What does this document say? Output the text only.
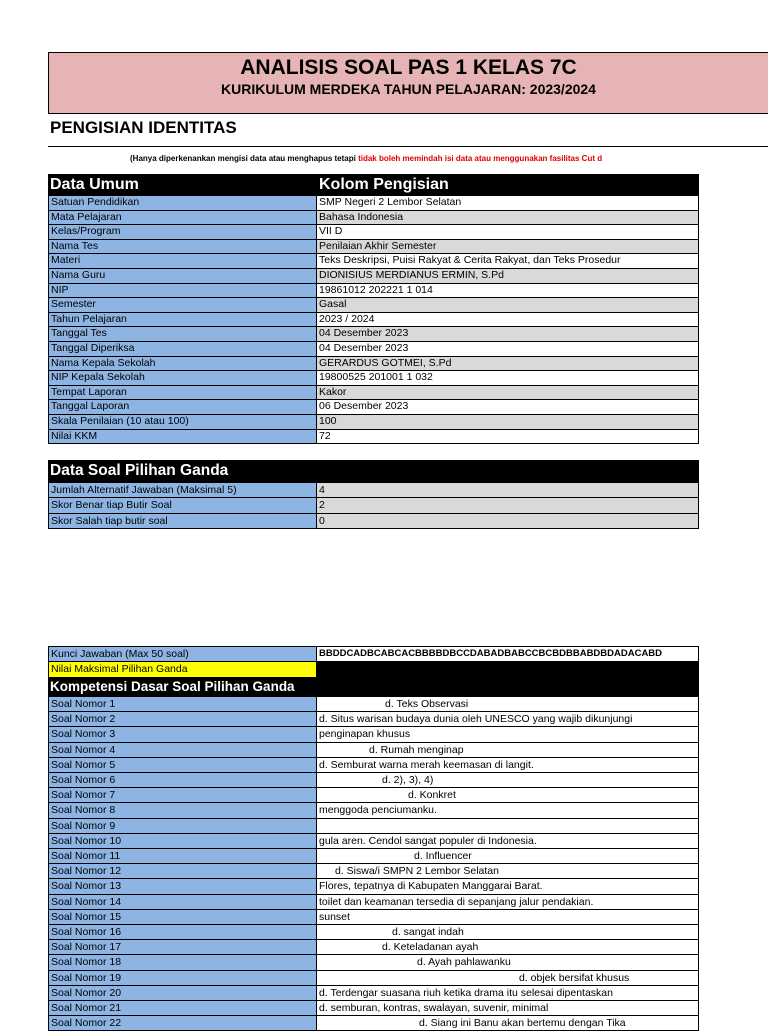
ANALISIS SOAL PAS 1 KELAS 7C
KURIKULUM MERDEKA TAHUN PELAJARAN: 2023/2024
PENGISIAN IDENTITAS
(Hanya diperkenankan mengisi data atau menghapus tetapi tidak boleh memindah isi data atau menggunakan fasilitas Cut d
Data Umum	Kolom Pengisian
Satuan Pendidikan	SMP Negeri 2 Lembor Selatan
Mata Pelajaran	Bahasa Indonesia
Kelas/Program	VII D
Nama Tes	Penilaian Akhir Semester
Materi	Teks Deskripsi, Puisi Rakyat & Cerita Rakyat, dan Teks Prosedur
Nama Guru	DIONISIUS MERDIANUS ERMIN, S.Pd
NIP	19861012 202221 1 014
Semester	Gasal
Tahun Pelajaran	2023 / 2024
Tanggal Tes	04 Desember 2023
Tanggal Diperiksa	04 Desember 2023
Nama Kepala Sekolah	GERARDUS GOTMEI, S.Pd
NIP Kepala Sekolah	19800525 201001 1 032
Tempat Laporan	Kakor
Tanggal Laporan	06 Desember 2023
Skala Penilaian (10 atau 100)	100
Nilai KKM	72
Data Soal Pilihan Ganda
Jumlah Alternatif Jawaban (Maksimal 5)	4
Skor Benar tiap Butir Soal	2
Skor Salah tiap butir soal	0
Kunci Jawaban (Max 50 soal)	BBDDCADBCABCACBBBBDBCCDABADBABCCBCBDBBABDBDADACABD
Nilai Maksimal Pilihan Ganda
Kompetensi Dasar Soal Pilihan Ganda
Soal Nomor 1	d. Teks Observasi
Soal Nomor 2	d. Situs warisan budaya dunia oleh UNESCO yang wajib dikunjungi
Soal Nomor 3	penginapan khusus
Soal Nomor 4	d. Rumah menginap
Soal Nomor 5	d. Semburat warna merah keemasan di langit.
Soal Nomor 6	d. 2), 3), 4)
Soal Nomor 7	d. Konkret
Soal Nomor 8	menggoda penciumanku.
Soal Nomor 9
Soal Nomor 10	gula aren. Cendol sangat populer di Indonesia.
Soal Nomor 11	d. Influencer
Soal Nomor 12	d. Siswa/i SMPN 2 Lembor Selatan
Soal Nomor 13	Flores, tepatnya di Kabupaten Manggarai Barat.
Soal Nomor 14	toilet dan keamanan tersedia di sepanjang jalur pendakian.
Soal Nomor 15	sunset
Soal Nomor 16	d. sangat indah
Soal Nomor 17	d. Keteladanan ayah
Soal Nomor 18	d. Ayah pahlawanku
Soal Nomor 19	d. objek bersifat khusus
Soal Nomor 20	d. Terdengar suasana riuh ketika drama itu selesai dipentaskan
Soal Nomor 21	d. semburan, kontras, swalayan, suvenir, minimal
Soal Nomor 22	d. Siang ini Banu akan bertemu dengan Tika
